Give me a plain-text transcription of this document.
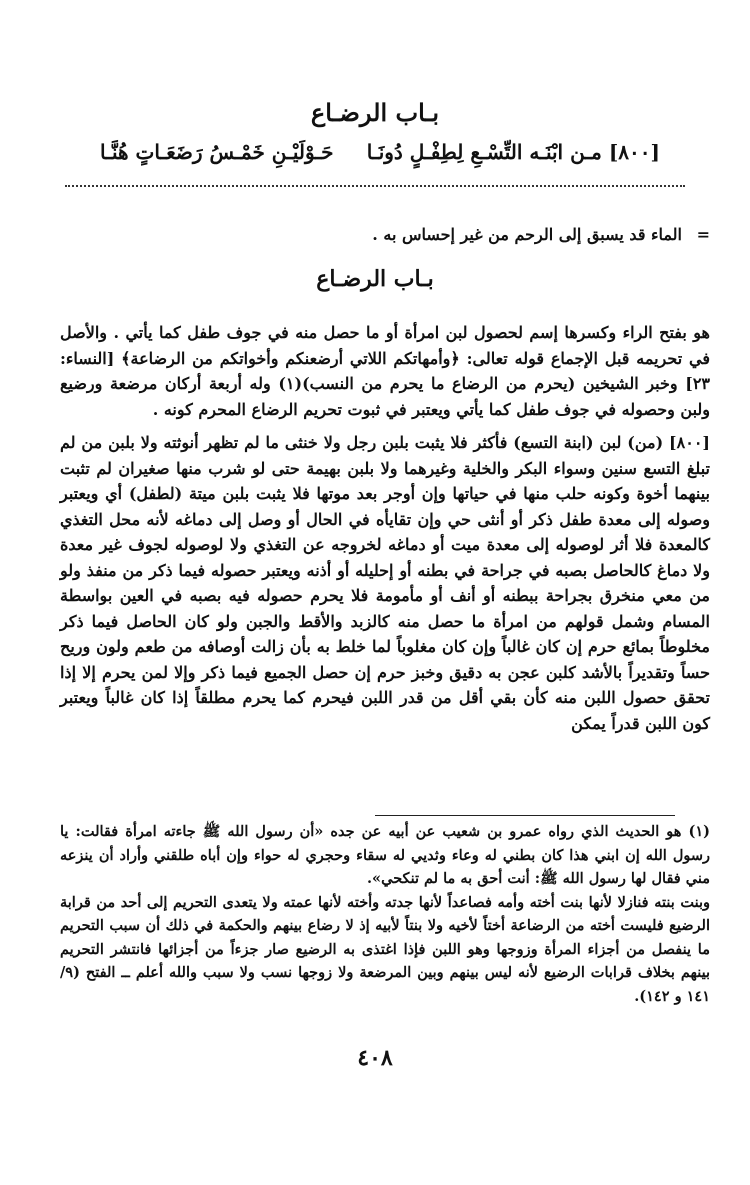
بـاب الرضـاع
[٨٠٠] مـن ابْنَـه التِّسْـعِ لِطِفْـلٍ دُونَـا
حَـوْلَيْـنِ خَمْـسُ رَضَعَـاتٍ هُنَّـا
=
الماء قد يسبق إلى الرحم من غير إحساس به .
بـاب الرضـاع
هو بفتح الراء وكسرها إسم لحصول لبن امرأة أو ما حصل منه في جوف طفل كما يأتي . والأصل في تحريمه قبل الإجماع قوله تعالى: ﴿وأمهاتكم اللاتي أرضعنكم وأخواتكم من الرضاعة﴾ [النساء: ٢٣] وخبر الشيخين (يحرم من الرضاع ما يحرم من النسب)(١) وله أربعة أركان مرضعة ورضيع ولبن وحصوله في جوف طفل كما يأتي ويعتبر في ثبوت تحريم الرضاع المحرم كونه .
[٨٠٠] (من) لبن (ابنة التسع) فأكثر فلا يثبت بلبن رجل ولا خنثى ما لم تظهر أنوثته ولا بلبن من لم تبلغ التسع سنين وسواء البكر والخلية وغيرهما ولا بلبن بهيمة حتى لو شرب منها صغيران لم تثبت بينهما أخوة وكونه حلب منها في حياتها وإن أوجر بعد موتها فلا يثبت بلبن ميتة (لطفل) أي ويعتبر وصوله إلى معدة طفل ذكر أو أنثى حي وإن تقايأه في الحال أو وصل إلى دماغه لأنه محل التغذي كالمعدة فلا أثر لوصوله إلى معدة ميت أو دماغه لخروجه عن التغذي ولا لوصوله لجوف غير معدة ولا دماغ كالحاصل بصبه في جراحة في بطنه أو إحليله أو أذنه ويعتبر حصوله فيما ذكر من منفذ ولو من معي منخرق بجراحة ببطنه أو أنف أو مأمومة فلا يحرم حصوله فيه بصبه في العين بواسطة المسام وشمل قولهم من امرأة ما حصل منه كالزبد والأقط والجبن ولو كان الحاصل فيما ذكر مخلوطاً بمائع حرم إن كان غالباً وإن كان مغلوباً لما خلط به بأن زالت أوصافه من طعم ولون وريح حساً وتقديراً بالأشد كلبن عجن به دقيق وخبز حرم إن حصل الجميع فيما ذكر وإلا لمن يحرم إلا إذا تحقق حصول اللبن منه كأن بقي أقل من قدر اللبن فيحرم كما يحرم مطلقاً إذا كان غالباً ويعتبر كون اللبن قدراً يمكن

(١) هو الحديث الذي رواه عمرو بن شعيب عن أبيه عن جده «أن رسول الله ﷺ جاءته امرأة فقالت: يا رسول الله إن ابني هذا كان بطني له وعاء وثديي له سقاء وحجري له حواء وإن أباه طلقني وأراد أن ينزعه مني فقال لها رسول الله ﷺ: أنت أحق به ما لم تنكحي».

وبنت بنته فنازلا لأنها بنت أخته وأمه فصاعداً لأنها جدته وأخته لأنها عمته ولا يتعدى التحريم إلى أحد من قرابة الرضيع فليست أخته من الرضاعة أختاً لأخيه ولا بنتاً لأبيه إذ لا رضاع بينهم والحكمة في ذلك أن سبب التحريم ما ينفصل من أجزاء المرأة وزوجها وهو اللبن فإذا اغتذى به الرضيع صار جزءاً من أجزائها فانتشر التحريم بينهم بخلاف قرابات الرضيع لأنه ليس بينهم وبين المرضعة ولا زوجها نسب ولا سبب والله أعلم ــ الفتح (٩/ ١٤١ و ١٤٢).

٤٠٨
